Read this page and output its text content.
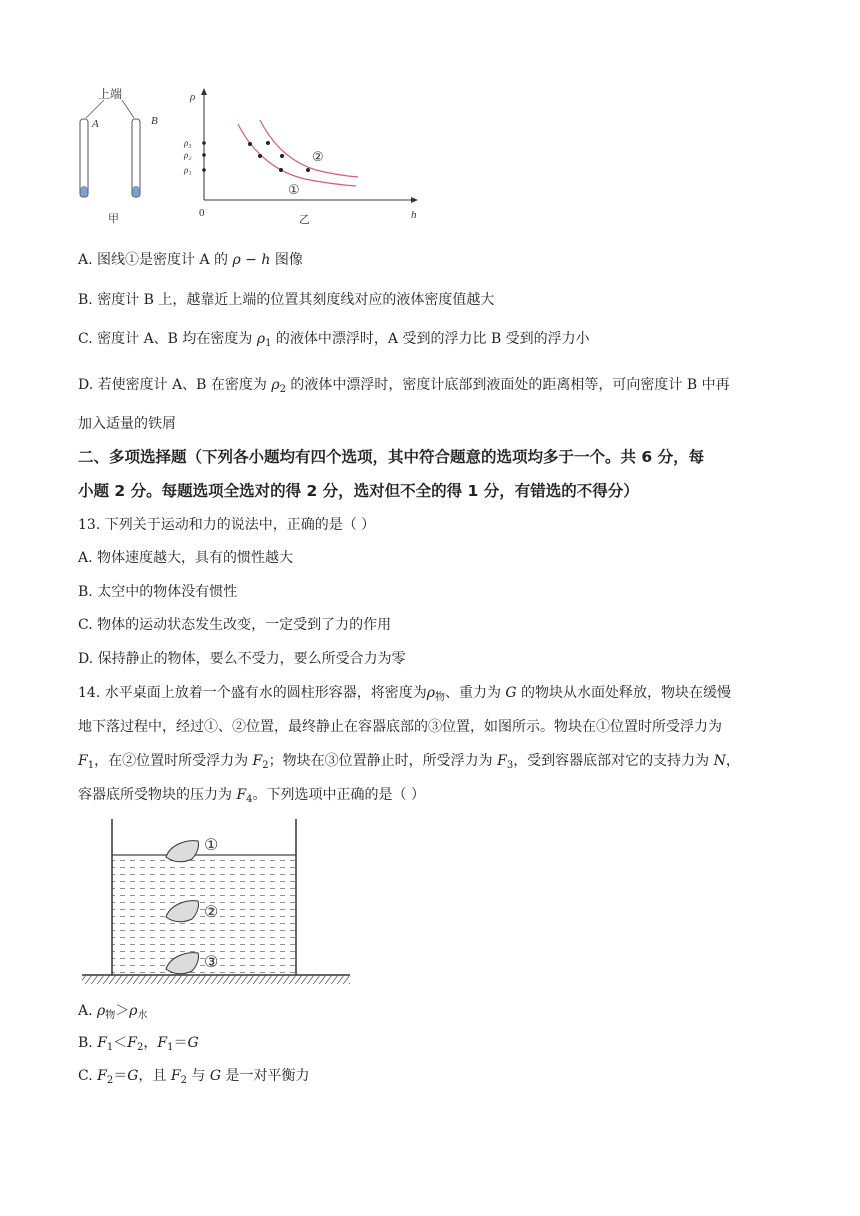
上端
A	B
甲
ρ
h
0
ρ₃
ρ₂
ρ₁
②
①
乙
A. 图线①是密度计 A 的 ρ − h 图像
B. 密度计 B 上，越靠近上端的位置其刻度线对应的液体密度值越大
C. 密度计 A、B 均在密度为 $\rho_1$ 的液体中漂浮时，A 受到的浮力比 B 受到的浮力小
D. 若使密度计 A、B 在密度为 $\rho_2$ 的液体中漂浮时，密度计底部到液面处的距离相等，可向密度计 B 中再
加入适量的铁屑
二、多项选择题（下列各小题均有四个选项，其中符合题意的选项均多于一个。共 6 分，每
小题 2 分。每题选项全选对的得 2 分，选对但不全的得 1 分，有错选的不得分）
13. 下列关于运动和力的说法中，正确的是（ ）
A. 物体速度越大，具有的惯性越大
B. 太空中的物体没有惯性
C. 物体的运动状态发生改变，一定受到了力的作用
D. 保持静止的物体，要么不受力，要么所受合力为零
14. 水平桌面上放着一个盛有水的圆柱形容器，将密度为$\rho_物$、重力为 G 的物块从水面处释放，物块在缓慢
地下落过程中，经过①、②位置，最终静止在容器底部的③位置，如图所示。物块在①位置时所受浮力为
$F_1$，在②位置时所受浮力为 $F_2$；物块在③位置静止时，所受浮力为 $F_3$，受到容器底部对它的支持力为 N，
容器底所受物块的压力为 $F_4$。下列选项中正确的是（ ）
①
②
③
A. $\rho_物>\rho_水$
B. $F_1<F_2$，$F_1=G$
C. $F_2=G$，且 $F_2$ 与 G 是一对平衡力
